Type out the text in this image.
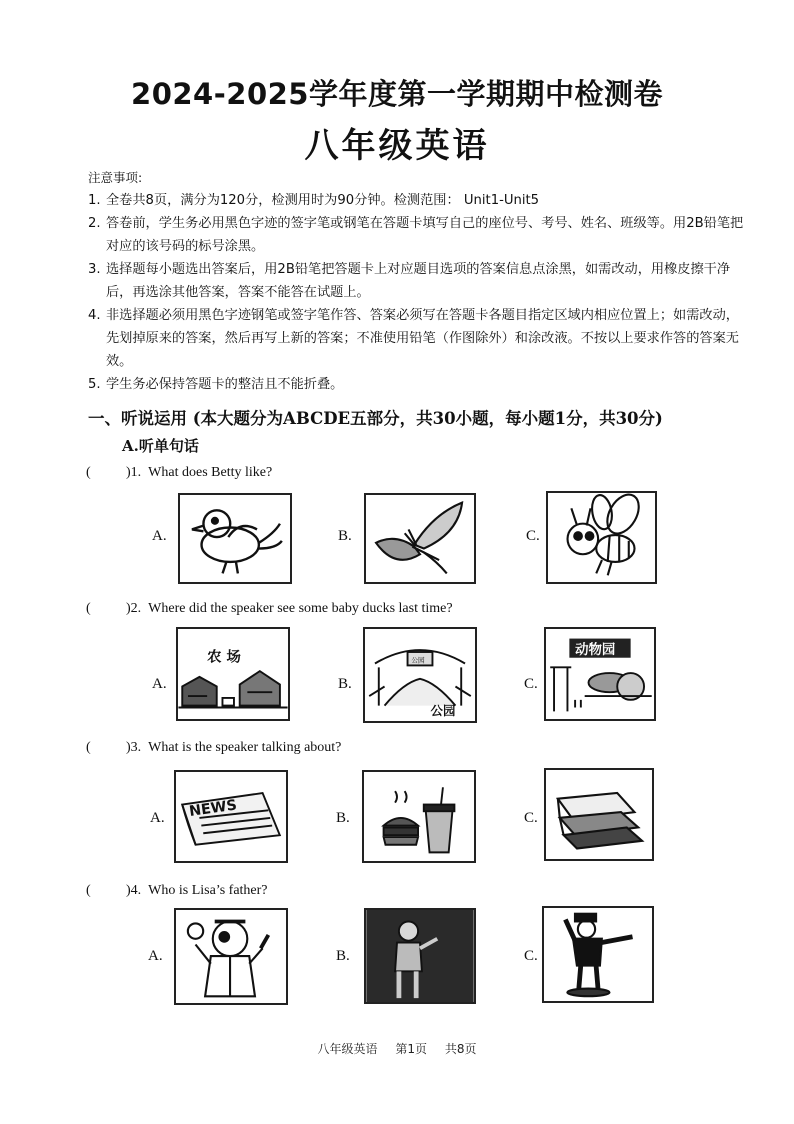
2024-2025学年度第一学期期中检测卷
八年级英语
注意事项:
1. 全卷共8页，满分为120分，检测用时为90分钟。检测范围： Unit1-Unit5
2. 答卷前，学生务必用黑色字迹的签字笔或钢笔在答题卡填写自己的座位号、考号、姓名、班级等。用2B铅笔把对应的该号码的标号涂黑。
3. 选择题每小题选出答案后，用2B铅笔把答题卡上对应题目选项的答案信息点涂黑，如需改动，用橡皮擦干净后，再选涂其他答案，答案不能答在试题上。
4. 非选择题必须用黑色字迹钢笔或签字笔作答、答案必须写在答题卡各题目指定区域内相应位置上；如需改动，先划掉原来的答案，然后再写上新的答案；不准使用铅笔（作图除外）和涂改液。不按以上要求作答的答案无效。
5. 学生务必保持答题卡的整洁且不能折叠。
一、听说运用 (本大题分为ABCDE五部分，共30小题，每小题1分，共30分)
A.听单句话
(	)1. What does Betty like?
A.	B.	C.
(	)2. Where did the speaker see some baby ducks last time?
A.
农 场
B.
公园
公园
C.
动物园
(	)3. What is the speaker talking about?
A. NEWS	B.	C.
(	)4. Who is Lisa’s father?
A.	B.	C.
八年级英语 第1页 共8页
